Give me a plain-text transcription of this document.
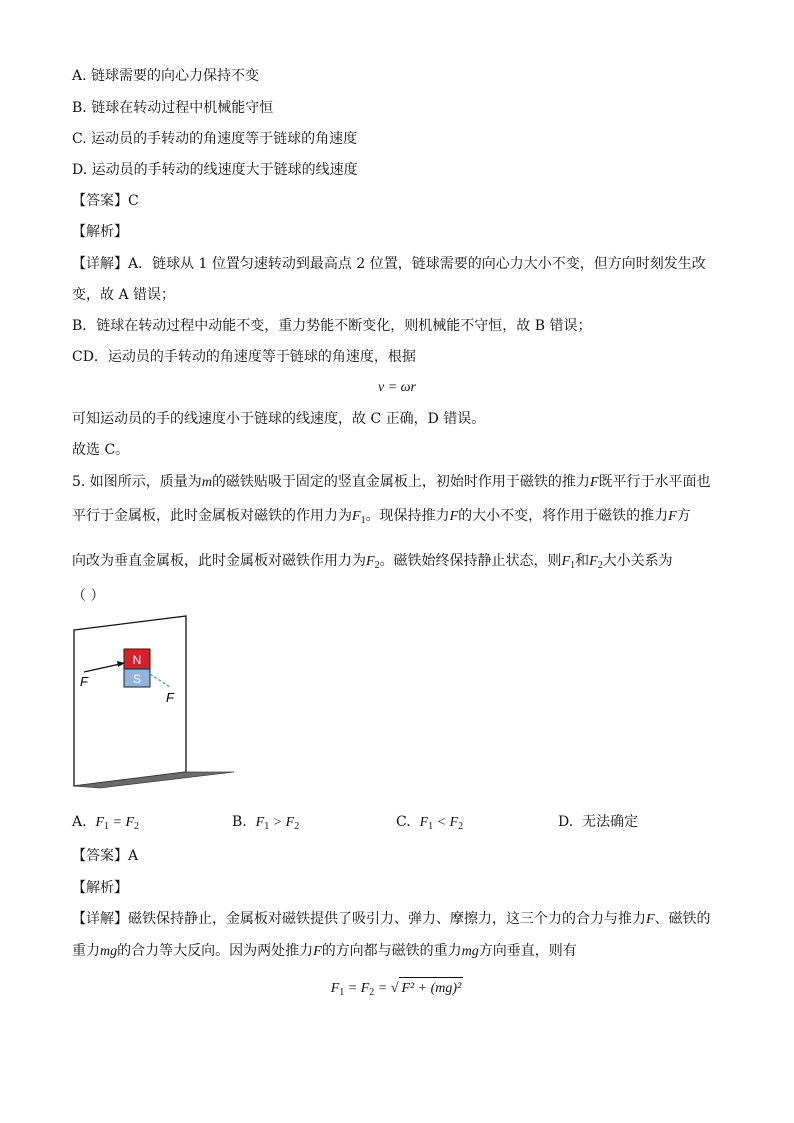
A. 链球需要的向心力保持不变
B. 链球在转动过程中机械能守恒
C. 运动员的手转动的角速度等于链球的角速度
D. 运动员的手转动的线速度大于链球的线速度
【答案】C
【解析】
【详解】A．链球从 1 位置匀速转动到最高点 2 位置，链球需要的向心力大小不变，但方向时刻发生改
变，故 A 错误；
B．链球在转动过程中动能不变，重力势能不断变化，则机械能不守恒，故 B 错误；
CD．运动员的手转动的角速度等于链球的角速度，根据
v = ωr
可知运动员的手的线速度小于链球的线速度，故 C 正确，D 错误。
故选 C。
5. 如图所示，质量为m的磁铁贴吸于固定的竖直金属板上，初始时作用于磁铁的推力F既平行于水平面也
平行于金属板，此时金属板对磁铁的作用力为$F_1$。现保持推力F的大小不变，将作用于磁铁的推力F方
向改为垂直金属板，此时金属板对磁铁作用力为$F_2$。磁铁始终保持静止状态，则$F_1$和$F_2$大小关系为
（ ）
N
S
F
F
A. $F_1 = F_2$	B. $F_1 > F_2$	C. $F_1 < F_2$	D. 无法确定
【答案】A
【解析】
【详解】磁铁保持静止，金属板对磁铁提供了吸引力、弹力、摩擦力，这三个力的合力与推力F、磁铁的
重力mg的合力等大反向。因为两处推力F的方向都与磁铁的重力mg方向垂直，则有
$F_1 = F_2$ = √ F² + (mg)²
